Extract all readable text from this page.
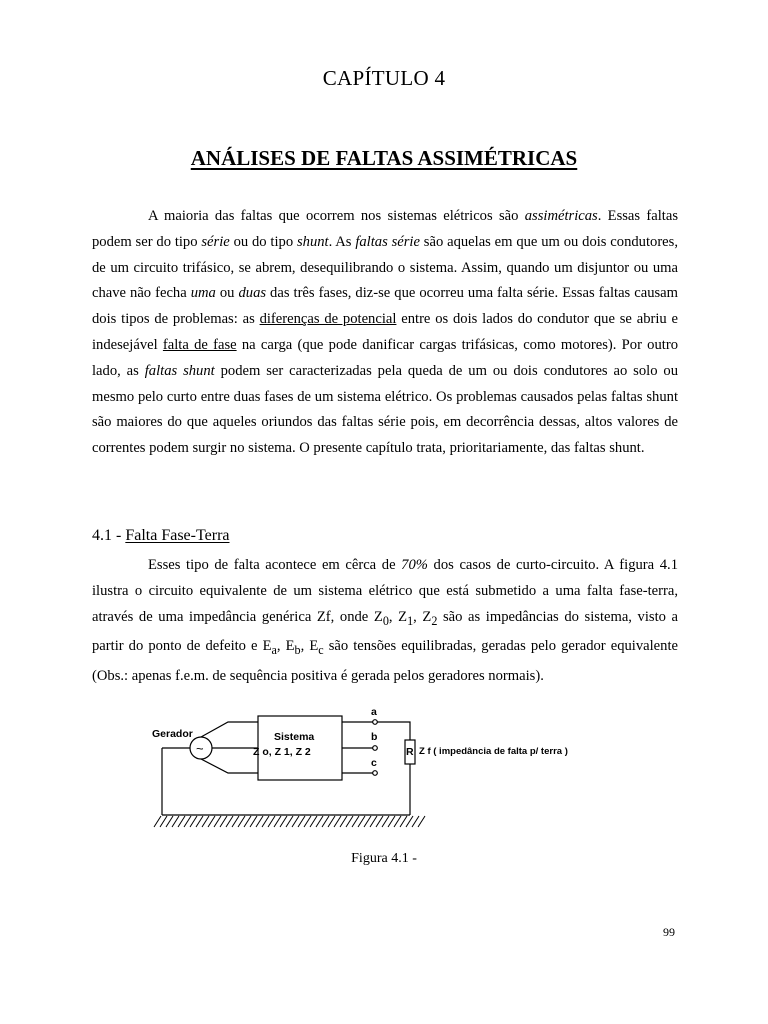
CAPÍTULO 4
ANÁLISES DE FALTAS ASSIMÉTRICAS

A maioria das faltas que ocorrem nos sistemas elétricos são assimétricas. Essas faltas podem ser do tipo série ou do tipo shunt. As faltas série são aquelas em que um ou dois condutores, de um circuito trifásico, se abrem, desequilibrando o sistema. Assim, quando um disjuntor ou uma chave não fecha uma ou duas das três fases, diz-se que ocorreu uma falta série. Essas faltas causam dois tipos de problemas: as diferenças de potencial entre os dois lados do condutor que se abriu e indesejável falta de fase na carga (que pode danificar cargas trifásicas, como motores). Por outro lado, as faltas shunt podem ser caracterizadas pela queda de um ou dois condutores ao solo ou mesmo pelo curto entre duas fases de um sistema elétrico. Os problemas causados pelas faltas shunt são maiores do que aqueles oriundos das faltas série pois, em decorrência dessas, altos valores de correntes podem surgir no sistema. O presente capítulo trata, prioritariamente, das faltas shunt.

4.1 - Falta Fase-Terra

Esses tipo de falta acontece em cêrca de 70% dos casos de curto-circuito. A figura 4.1 ilustra o circuito equivalente de um sistema elétrico que está submetido a uma falta fase-terra, através de uma impedância genérica Zf, onde $Z_0$, $Z_1$, $Z_2$ são as impedâncias do sistema, visto a partir do ponto de defeito e $E_a$, $E_b$, $E_c$ são tensões equilibradas, geradas pelo gerador equivalente (Obs.: apenas f.e.m. de sequência positiva é gerada pelos geradores normais).

Gerador
~
Sistema
Z o, Z 1, Z 2
a
b
c
R Z f ( impedância de falta p/ terra )
Figura 4.1 -
99
